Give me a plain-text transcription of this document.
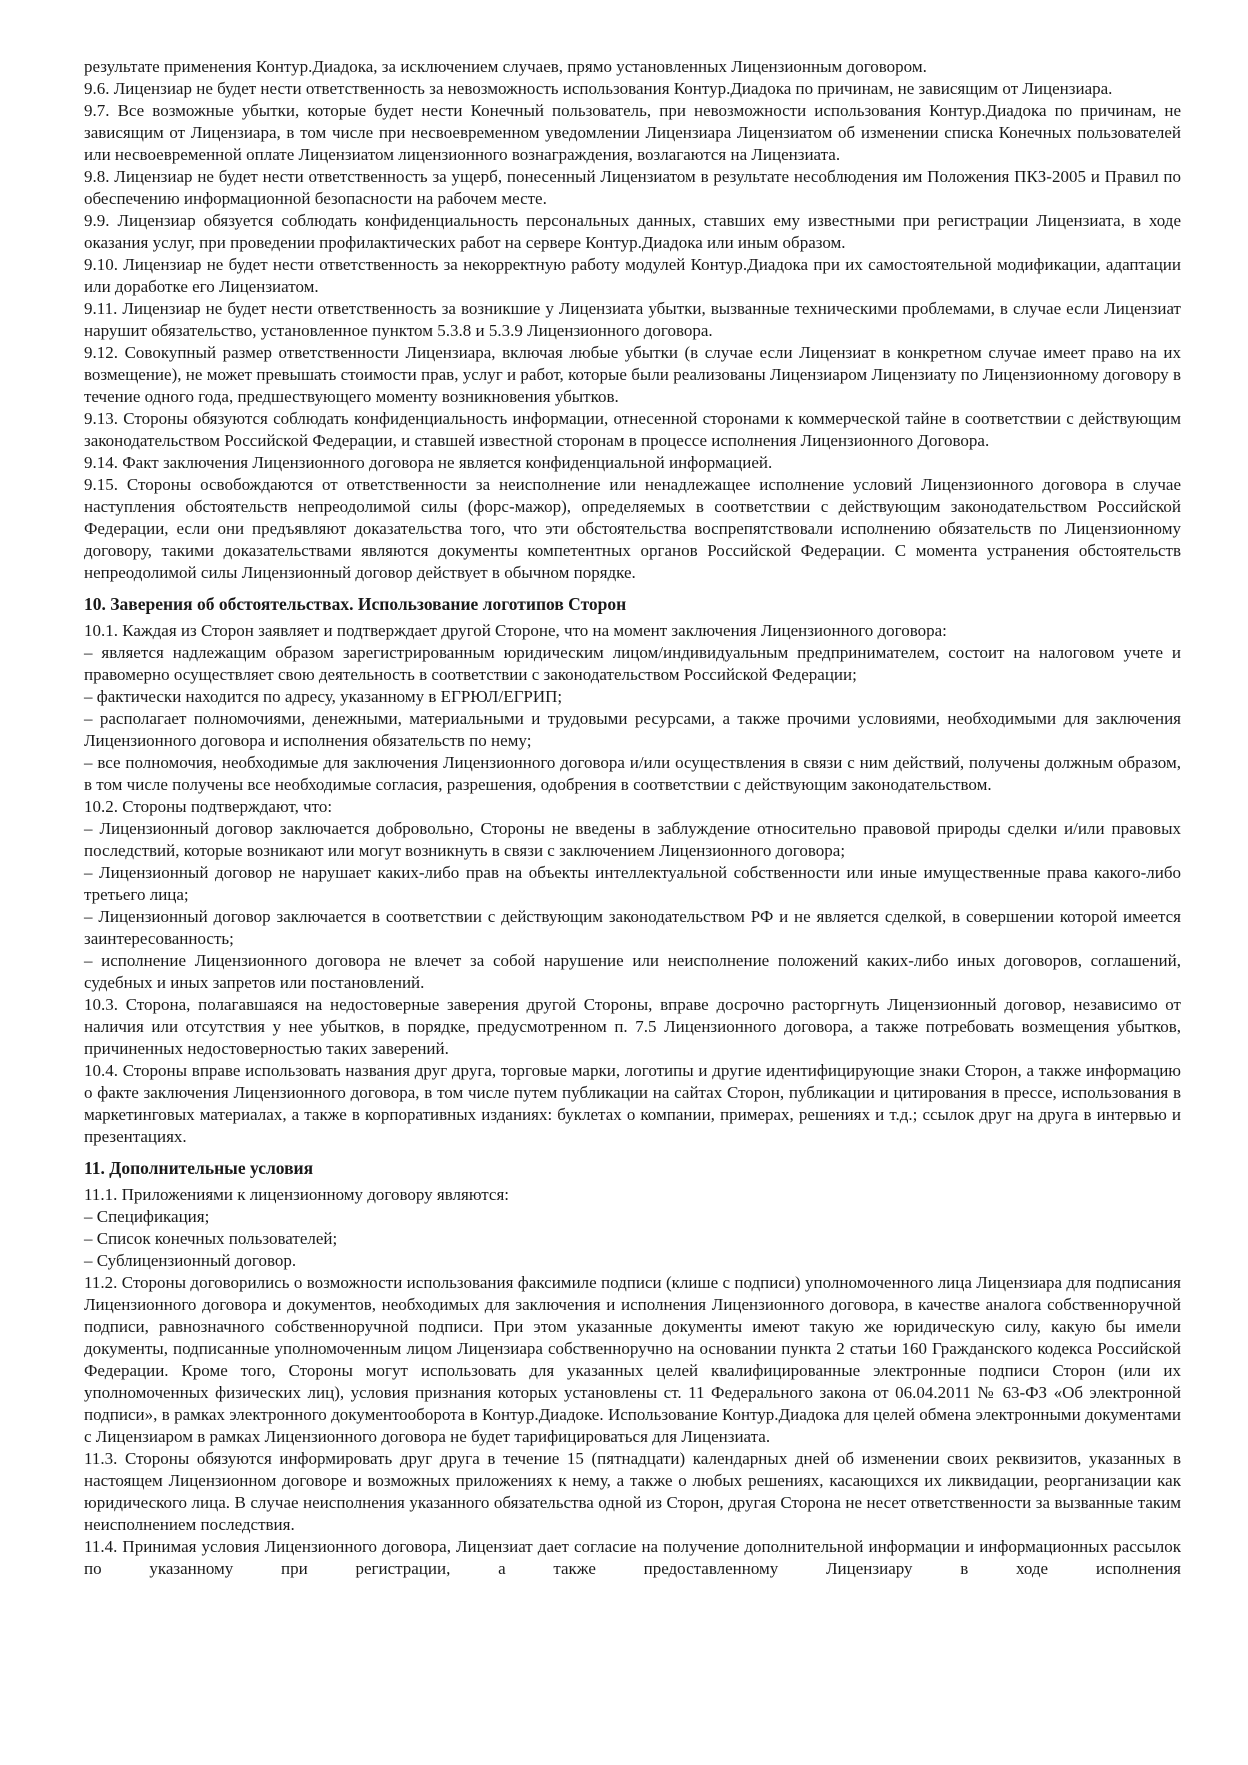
результате применения Контур.Диадока, за исключением случаев, прямо установленных Лицензионным договором.

9.6. Лицензиар не будет нести ответственность за невозможность использования Контур.Диадока по причинам, не зависящим от Лицензиара.

9.7. Все возможные убытки, которые будет нести Конечный пользователь, при невозможности использования Контур.Диадока по причинам, не зависящим от Лицензиара, в том числе при несвоевременном уведомлении Лицензиара Лицензиатом об изменении списка Конечных пользователей или несвоевременной оплате Лицензиатом лицензионного вознаграждения, возлагаются на Лицензиата.

9.8. Лицензиар не будет нести ответственность за ущерб, понесенный Лицензиатом в результате несоблюдения им Положения ПКЗ-2005 и Правил по обеспечению информационной безопасности на рабочем месте.

9.9. Лицензиар обязуется соблюдать конфиденциальность персональных данных, ставших ему известными при регистрации Лицензиата, в ходе оказания услуг, при проведении профилактических работ на сервере Контур.Диадока или иным образом.

9.10. Лицензиар не будет нести ответственность за некорректную работу модулей Контур.Диадока при их самостоятельной модификации, адаптации или доработке его Лицензиатом.

9.11. Лицензиар не будет нести ответственность за возникшие у Лицензиата убытки, вызванные техническими проблемами, в случае если Лицензиат нарушит обязательство, установленное пунктом 5.3.8 и 5.3.9 Лицензионного договора.

9.12. Совокупный размер ответственности Лицензиара, включая любые убытки (в случае если Лицензиат в конкретном случае имеет право на их возмещение), не может превышать стоимости прав, услуг и работ, которые были реализованы Лицензиаром Лицензиату по Лицензионному договору в течение одного года, предшествующего моменту возникновения убытков.

9.13. Стороны обязуются соблюдать конфиденциальность информации, отнесенной сторонами к коммерческой тайне в соответствии с действующим законодательством Российской Федерации, и ставшей известной сторонам в процессе исполнения Лицензионного Договора.

9.14. Факт заключения Лицензионного договора не является конфиденциальной информацией.

9.15. Стороны освобождаются от ответственности за неисполнение или ненадлежащее исполнение условий Лицензионного договора в случае наступления обстоятельств непреодолимой силы (форс-мажор), определяемых в соответствии с действующим законодательством Российской Федерации, если они предъявляют доказательства того, что эти обстоятельства воспрепятствовали исполнению обязательств по Лицензионному договору, такими доказательствами являются документы компетентных органов Российской Федерации. С момента устранения обстоятельств непреодолимой силы Лицензионный договор действует в обычном порядке.

10. Заверения об обстоятельствах. Использование логотипов Сторон

10.1. Каждая из Сторон заявляет и подтверждает другой Стороне, что на момент заключения Лицензионного договора:

– является надлежащим образом зарегистрированным юридическим лицом/индивидуальным предпринимателем, состоит на налоговом учете и правомерно осуществляет свою деятельность в соответствии с законодательством Российской Федерации;

– фактически находится по адресу, указанному в ЕГРЮЛ/ЕГРИП;

– располагает полномочиями, денежными, материальными и трудовыми ресурсами, а также прочими условиями, необходимыми для заключения Лицензионного договора и исполнения обязательств по нему;

– все полномочия, необходимые для заключения Лицензионного договора и/или осуществления в связи с ним действий, получены должным образом, в том числе получены все необходимые согласия, разрешения, одобрения в соответствии с действующим законодательством.

10.2. Стороны подтверждают, что:

– Лицензионный договор заключается добровольно, Стороны не введены в заблуждение относительно правовой природы сделки и/или правовых последствий, которые возникают или могут возникнуть в связи с заключением Лицензионного договора;

– Лицензионный договор не нарушает каких-либо прав на объекты интеллектуальной собственности или иные имущественные права какого-либо третьего лица;

– Лицензионный договор заключается в соответствии с действующим законодательством РФ и не является сделкой, в совершении которой имеется заинтересованность;

– исполнение Лицензионного договора не влечет за собой нарушение или неисполнение положений каких-либо иных договоров, соглашений, судебных и иных запретов или постановлений.

10.3. Сторона, полагавшаяся на недостоверные заверения другой Стороны, вправе досрочно расторгнуть Лицензионный договор, независимо от наличия или отсутствия у нее убытков, в порядке, предусмотренном п. 7.5 Лицензионного договора, а также потребовать возмещения убытков, причиненных недостоверностью таких заверений.

10.4. Стороны вправе использовать названия друг друга, торговые марки, логотипы и другие идентифицирующие знаки Сторон, а также информацию о факте заключения Лицензионного договора, в том числе путем публикации на сайтах Сторон, публикации и цитирования в прессе, использования в маркетинговых материалах, а также в корпоративных изданиях: буклетах о компании, примерах, решениях и т.д.; ссылок друг на друга в интервью и презентациях.

11. Дополнительные условия

11.1. Приложениями к лицензионному договору являются:

– Спецификация;

– Список конечных пользователей;

– Сублицензионный договор.

11.2. Стороны договорились о возможности использования факсимиле подписи (клише с подписи) уполномоченного лица Лицензиара для подписания Лицензионного договора и документов, необходимых для заключения и исполнения Лицензионного договора, в качестве аналога собственноручной подписи, равнозначного собственноручной подписи. При этом указанные документы имеют такую же юридическую силу, какую бы имели документы, подписанные уполномоченным лицом Лицензиара собственноручно на основании пункта 2 статьи 160 Гражданского кодекса Российской Федерации. Кроме того, Стороны могут использовать для указанных целей квалифицированные электронные подписи Сторон (или их уполномоченных физических лиц), условия признания которых установлены ст. 11 Федерального закона от 06.04.2011 № 63-ФЗ «Об электронной подписи», в рамках электронного документооборота в Контур.Диадоке. Использование Контур.Диадока для целей обмена электронными документами с Лицензиаром в рамках Лицензионного договора не будет тарифицироваться для Лицензиата.

11.3. Стороны обязуются информировать друг друга в течение 15 (пятнадцати) календарных дней об изменении своих реквизитов, указанных в настоящем Лицензионном договоре и возможных приложениях к нему, а также о любых решениях, касающихся их ликвидации, реорганизации как юридического лица. В случае неисполнения указанного обязательства одной из Сторон, другая Сторона не несет ответственности за вызванные таким неисполнением последствия.

11.4. Принимая условия Лицензионного договора, Лицензиат дает согласие на получение дополнительной информации и информационных рассылок по указанному при регистрации, а также предоставленному Лицензиару в ходе исполнения
